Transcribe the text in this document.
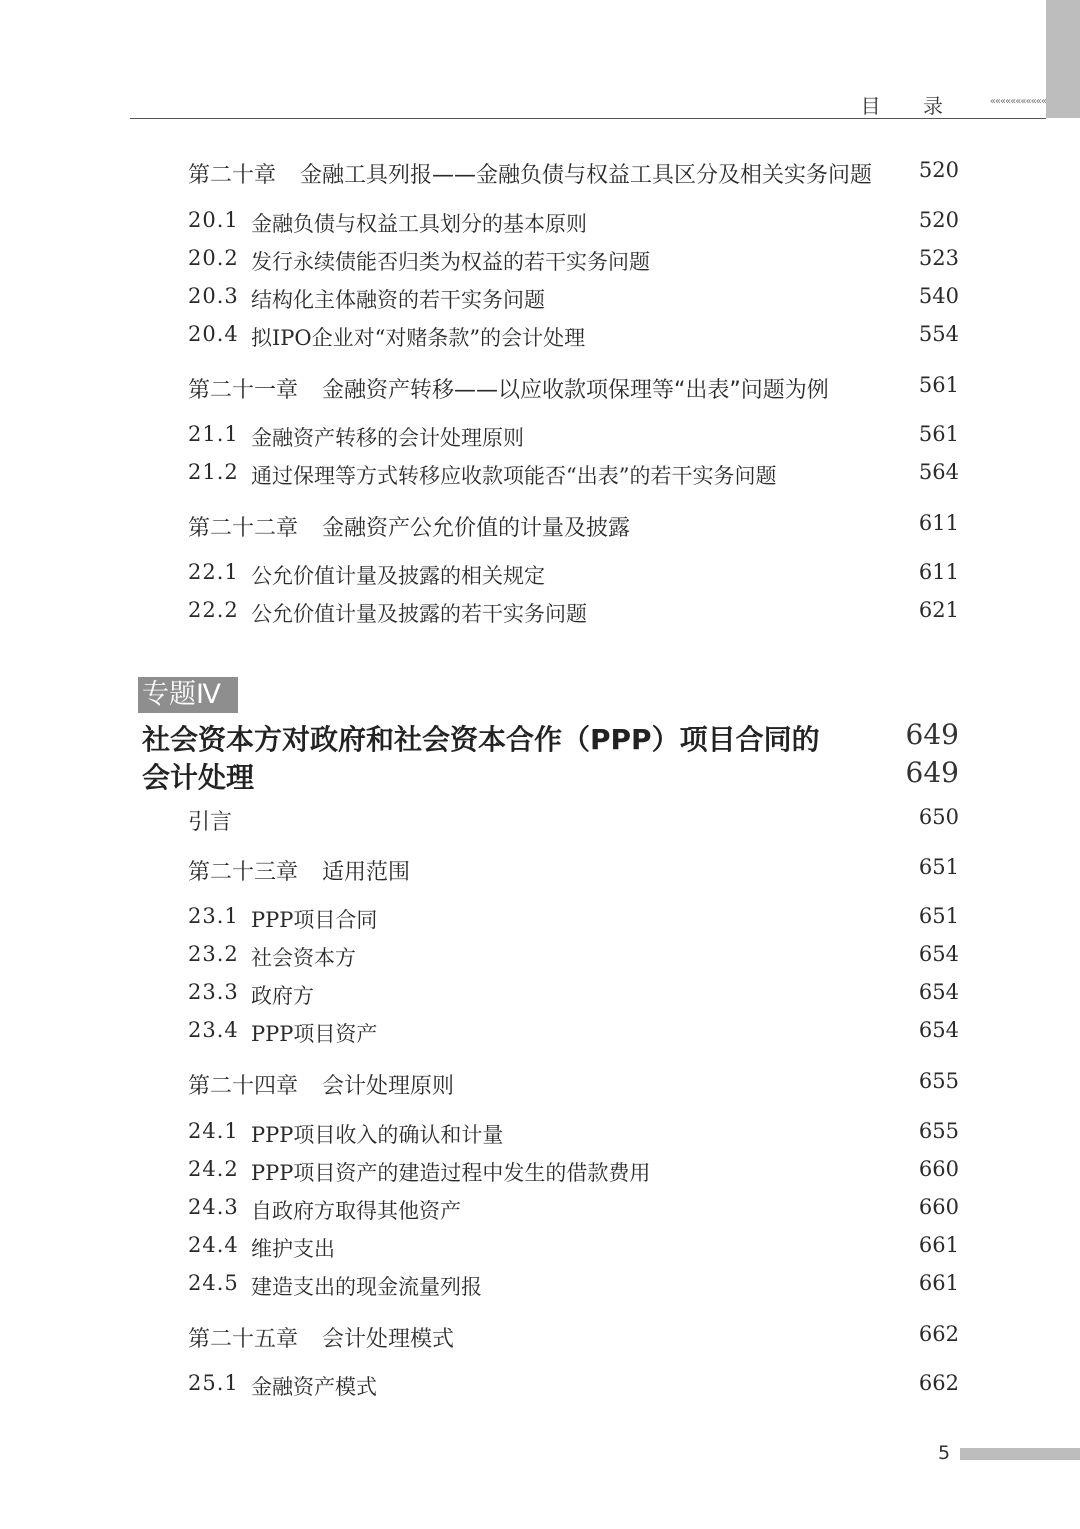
目 录	«««««««««««
第二十章 金融工具列报——金融负债与权益工具区分及相关实务问题 520
20.1 金融负债与权益工具划分的基本原则	520
20.2 发行永续债能否归类为权益的若干实务问题	523
20.3 结构化主体融资的若干实务问题	540
20.4 拟IPO企业对“对赌条款”的会计处理	554
第二十一章 金融资产转移——以应收款项保理等“出表”问题为例	561
21.1 金融资产转移的会计处理原则	561
21.2 通过保理等方式转移应收款项能否“出表”的若干实务问题	564
第二十二章 金融资产公允价值的计量及披露	611
22.1 公允价值计量及披露的相关规定	611
22.2 公允价值计量及披露的若干实务问题	621
专题Ⅳ
社会资本方对政府和社会资本合作（PPP）项目合同的	649
会计处理	649
引言	650
第二十三章 适用范围	651
23.1 PPP项目合同	651
23.2 社会资本方	654
23.3 政府方	654
23.4 PPP项目资产	654
第二十四章 会计处理原则	655
24.1 PPP项目收入的确认和计量	655
24.2 PPP项目资产的建造过程中发生的借款费用	660
24.3 自政府方取得其他资产	660
24.4 维护支出	661
24.5 建造支出的现金流量列报	661
第二十五章 会计处理模式	662
25.1 金融资产模式	662
5
